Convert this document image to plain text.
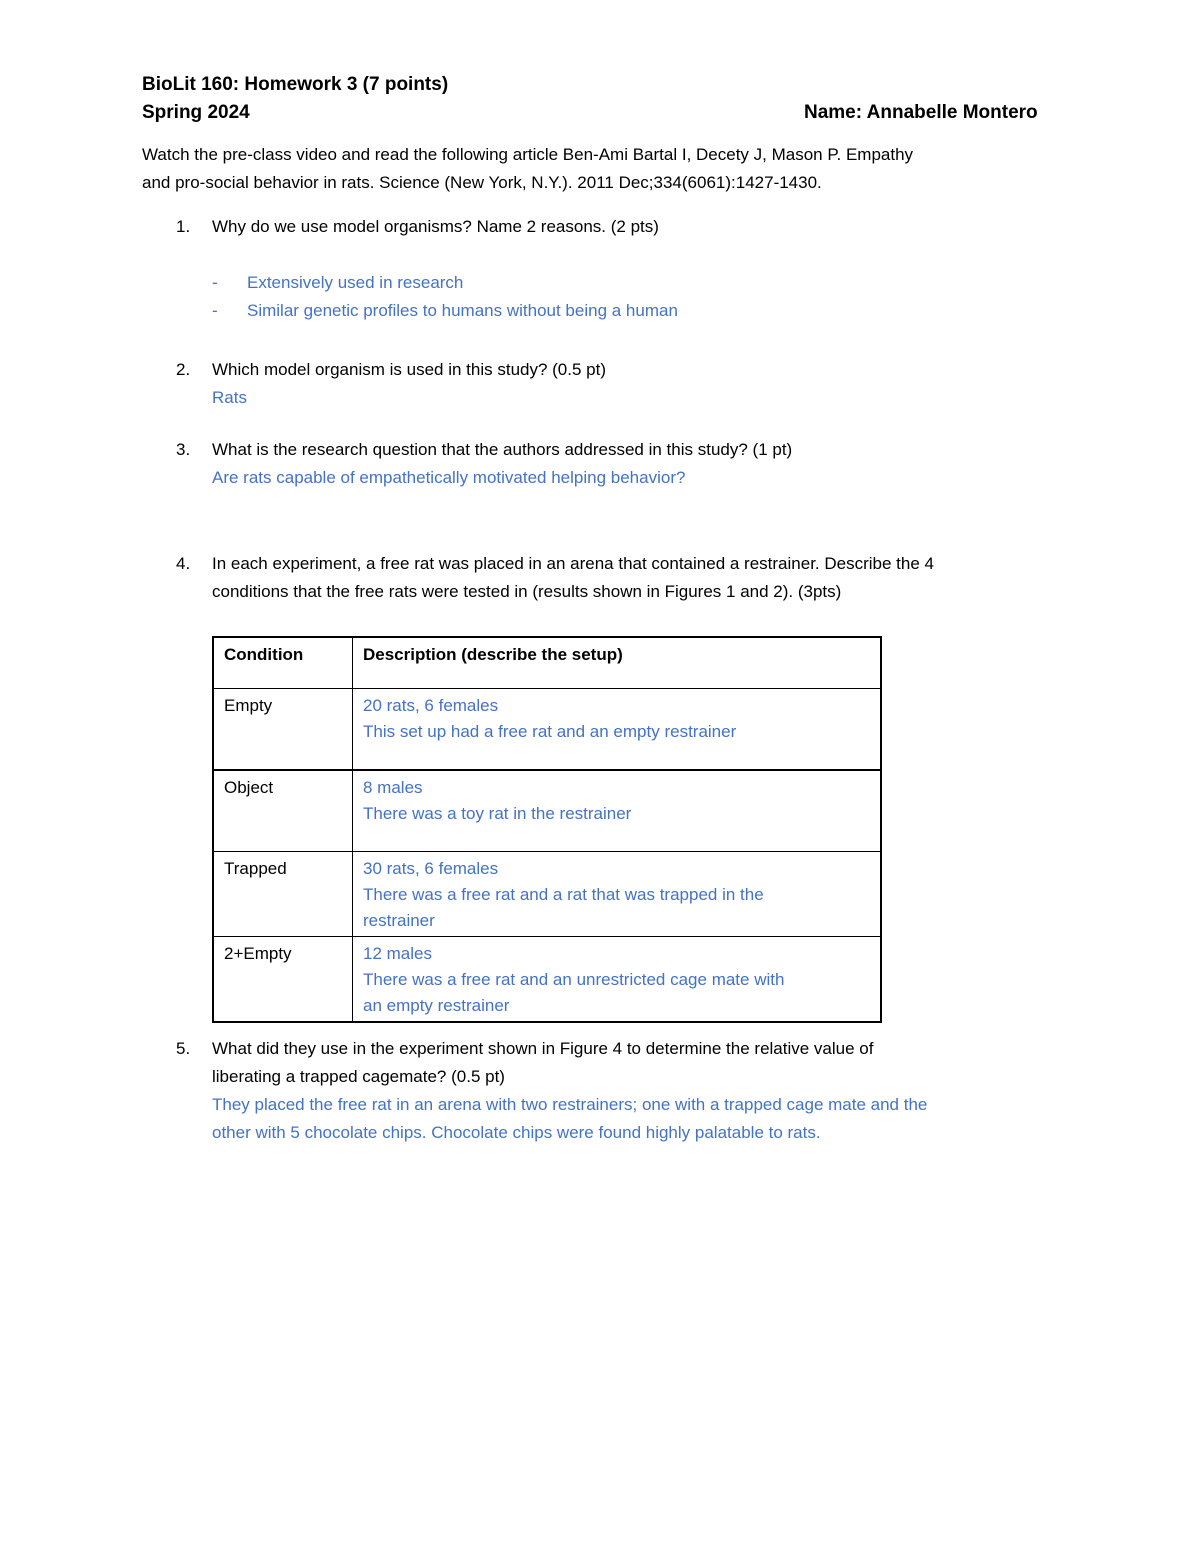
BioLit 160: Homework 3 (7 points)
Spring 2024	Name: Annabelle Montero
Watch the pre-class video and read the following article Ben-Ami Bartal I, Decety J, Mason P. Empathy
and pro-social behavior in rats. Science (New York, N.Y.). 2011 Dec;334(6061):1427-1430.
1. Why do we use model organisms? Name 2 reasons. (2 pts)
- Extensively used in research
- Similar genetic profiles to humans without being a human
2. Which model organism is used in this study? (0.5 pt)
Rats
3. What is the research question that the authors addressed in this study? (1 pt)
Are rats capable of empathetically motivated helping behavior?
4. In each experiment, a free rat was placed in an arena that contained a restrainer. Describe the 4
conditions that the free rats were tested in (results shown in Figures 1 and 2). (3pts)
Condition	Description (describe the setup)
Empty	20 rats, 6 females
This set up had a free rat and an empty restrainer

Object	8 males
There was a toy rat in the restrainer

Trapped	30 rats, 6 females
There was a free rat and a rat that was trapped in the
restrainer

2+Empty	12 males
There was a free rat and an unrestricted cage mate with
an empty restrainer
5. What did they use in the experiment shown in Figure 4 to determine the relative value of
liberating a trapped cagemate? (0.5 pt)
They placed the free rat in an arena with two restrainers; one with a trapped cage mate and the
other with 5 chocolate chips. Chocolate chips were found highly palatable to rats.
